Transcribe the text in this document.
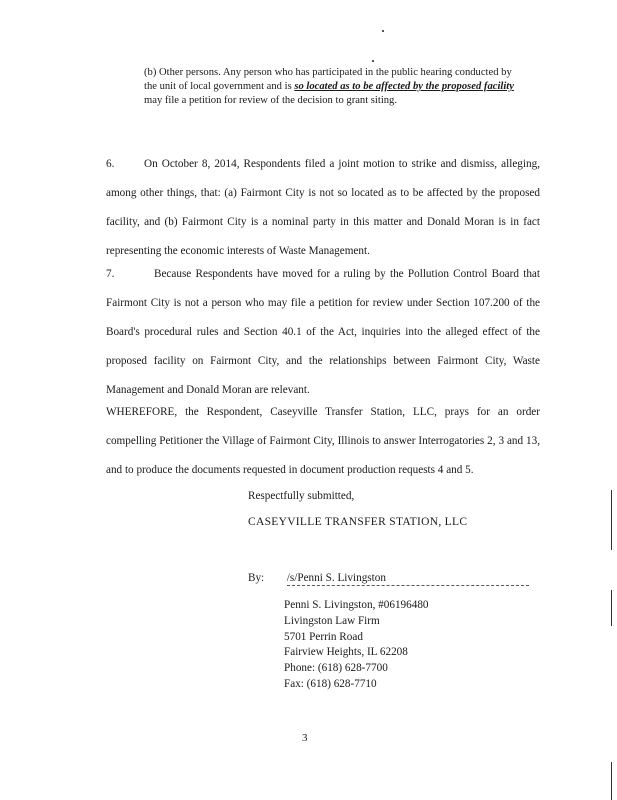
(b) Other persons. Any person who has participated in the public hearing conducted by the unit of local government and is so located as to be affected by the proposed facility may file a petition for review of the decision to grant siting.
6.	On October 8, 2014, Respondents filed a joint motion to strike and dismiss, alleging, among other things, that: (a) Fairmont City is not so located as to be affected by the proposed facility, and (b) Fairmont City is a nominal party in this matter and Donald Moran is in fact representing the economic interests of Waste Management.
7.	Because Respondents have moved for a ruling by the Pollution Control Board that Fairmont City is not a person who may file a petition for review under Section 107.200 of the Board's procedural rules and Section 40.1 of the Act, inquiries into the alleged effect of the proposed facility on Fairmont City, and the relationships between Fairmont City, Waste Management and Donald Moran are relevant.
WHEREFORE, the Respondent, Caseyville Transfer Station, LLC, prays for an order compelling Petitioner the Village of Fairmont City, Illinois to answer Interrogatories 2, 3 and 13, and to produce the documents requested in document production requests 4 and 5.
Respectfully submitted,
CASEYVILLE TRANSFER STATION, LLC
By: /s/Penni S. Livingston
Penni S. Livingston, #06196480
Livingston Law Firm
5701 Perrin Road
Fairview Heights, IL 62208
Phone: (618) 628-7700
Fax: (618) 628-7710
3
